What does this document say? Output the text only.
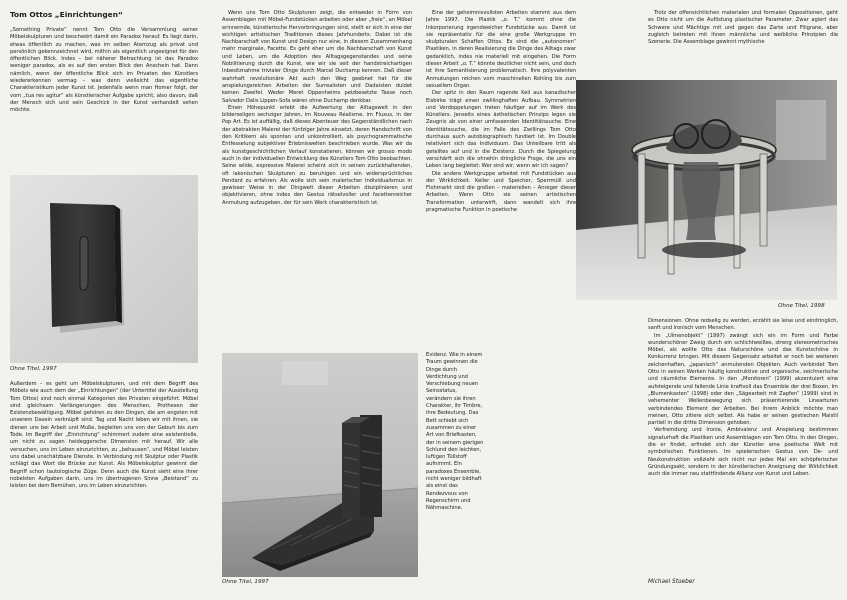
Tom Ottos „Einrichtungen“

„Something Private“ nennt Tom Otto die Versammlung seiner Möbelskulpturen und beschwört damit ein Paradox herauf. Es liegt darin, etwas öffentlich zu machen, was im selben Atemzug als privat und persönlich gekennzeichnet wird, mithin als eigentlich ungeeignet für den öffentlichen Blick. Indes – bei näherer Betrachtung ist das Paradox weniger paradox, als es auf den ersten Blick den Anschein hat. Dann nämlich, wenn der öffentliche Blick sich im Privaten des Künstlers wiedererkennen vermag – was denn vielleicht das eigentliche Charakteristikum jeder Kunst ist. Jedenfalls wenn man Homer folgt, der vom „tua res agitur“ als künstlerischer Aufgabe spricht, also davon, daß der Mensch sich und sein Geschick in der Kunst verhandelt sehen möchte.

Ohne Titel, 1997

Außerdem – es geht um Möbelskulpturen, und mit dem Begriff des Möbels wie auch dem der „Einrichtungen“ (der Untertitel der Ausstellung Tom Ottos) sind noch einmal Kategorien des Privaten eingeführt. Möbel sind gleichsam Verlängerungen des Menschen, Prothesen der Existenzbewältigung. Möbel gehören zu den Dingen, die am engsten mit unserem Dasein verknüpft sind. Tag und Nacht leben wir mit ihnen, sie dienen uns bei Arbeit und Muße, begleiten uns von der Geburt bis zum Tode. Im Begriff der „Einrichtung“ schimmert zudem eine existentielle, um nicht zu sagen heideggersche Dimension mit herauf. Wir alle versuchen, uns im Leben einzurichten, zu „behausen“, und Möbel leisten uns dabei unschätzbare Dienste. In Verbindung mit Skulptur oder Plastik schlägt das Wort die Brücke zur Kunst. Als Möbelskulptur gewinnt der Begriff schon tautologische Züge. Denn auch die Kunst sieht eine ihrer nobelsten Aufgaben darin, uns im übertragenen Sinne „Beistand“ zu leisten bei dem Bemühen, uns im Leben einzurichten.

Wenn uns Tom Otto Skulpturen zeigt, die entweder in Form von Assemblagen mit Möbel-Fundstücken arbeiten oder aber „freie“, an Möbel erinnernde, künstlerische Hervorbringungen sind, stellt er sich in eine der wichtigen artistischen Traditionen dieses Jahrhunderts. Dabei ist die Nachbarschaft von Kunst und Design nur eine, in diesem Zusammenhang mehr marginale, Facette. Es geht eher um die Nachbarschaft von Kunst und Leben, um die Adoption des Alltagsgegenstandes und seine Nobilitierung durch die Kunst, wie wir sie seit der handstreichartigen Inbesitznahme trivialer Dinge durch Marcel Duchamp kennen. Daß dieser wahrhaft revolutionäre Akt auch den Weg geebnet hat für die anspielungsreichen Arbeiten der Surrealisten und Dadaisten duldet keinen Zweifel. Weder Meret Oppenheims pelzbesetzte Tasse noch Salvador Dalis Lippen-Sofa wären ohne Duchamp denkbar.

Einen Höhepunkt erlebt die Aufwertung der Alltagswelt in den bilderseligen sechziger Jahren, im Nouveau Réalisme, im Fluxus, in der Pop Art. Es ist auffällig, daß dieses Abenteuer des Gegenständlichen nach der abstrakten Malerei der fünfziger Jahre einsetzt, deren Handschrift von den Kritikern als spontan und unkontrolliert, als psychogrammatische Entfesselung subjektiver Erlebniswelten beschrieben wurde. Was wir da als kunstgeschichtlichen Verlauf konstatieren, können wir grosso modo auch in der individuellen Entwicklung des Künstlers Tom Otto beobachten. Seine wilde, expressive Malerei scheint sich in seinen zurückhaltenden, oft lakonischen Skulpturen zu beruhigen und ein widersprüchliches Pendant zu erfahren. Als wolle sich sein malerischer Individualismus in gewisser Weise in der Dingwelt dieser Arbeiten disziplinieren und objektivieren, ohne indes den Gestus rätselvoller und facettenreicher Anmutung aufzugeben, der für sein Werk charakteristisch ist.

Ohne Titel, 1997

Eine der geheimnisvollsten Arbeiten stammt aus dem Jahre 1997. Die Plastik „o. T.“ kommt ohne die Inkorporierung irgendwelcher Fundstücke aus. Damit ist sie repräsentativ für die eine große Werkgruppe im skulpturalen Schaffen Ottos. Es sind die „autonomen“ Plastiken, in deren Realisierung die Dinge des Alltags zwar gedanklich, indes nie materiell mit eingehen. Die Form dieser Arbeit „o. T.“ könnte deutlicher nicht sein, und doch ist ihre Semantisierung problematisch. Ihre polyvalenten Anmutungen reichen vom maschinellen Rohling bis zum sexuellem Organ.

Der spitz in den Raum ragende Keil aus kanadischer Eisbirke trägt einen zwillinghaften Aufbau. Symmetrien und Verdoppelungen treten häufiger auf im Werk des Künstlers. Jenseits eines ästhetischen Prinzips legen sie Zeugnis ab von einer umfassenden Identitätssuche. Eine Identitätssuche, die im Falle des Zwillings Tom Otto durchaus auch autobiographisch fundiert ist. Im Double relativiert sich das Individuum. Das Unteilbare tritt als geteiltes auf und in die Existenz. Durch die Spiegelung verschärft sich die ohnehin dringliche Frage, die uns ein Leben lang begleitet: Wer sind wir, wenn wir ich sagen?

Die andere Werkgruppe arbeitet mit Fundstücken aus der Wirklichkeit. Keller und Speicher, Sperrmüll und Flohmarkt sind die großen – materiellen – Anreger dieser Arbeiten. Wenn Otto sie seinen artistischen Transformation unterwirft, dann wandelt sich ihre pragmatische Funktion in poetische

Evidenz. Wie in einem Traum gewinnen die Dinge durch Verdichtung und Verschiebung neuen Seinsstatus, verändern sie ihren Charakter, ihr Timbre, ihre Bedeutung. Das Bett schiebt sich zusammen zu einer Art von Briefkasten, der in seinem gierigen Schlund den leichten, luftigen Tüllstoff aufnimmt. Ein paradoxes Ensemble, nicht weniger bildhaft als einst das Rendezvous von Regenschirm und Nähmaschine.

Ohne Titel, 1998

Trotz der offensichtlichen materialen und formalen Oppositionen, geht es Otto nicht um die Auflistung plastischer Parameter. Zwar agiert das Schwere und Mächtige mit und gegen das Zarte und Filigrane, aber zugleich betreten mit ihnen männliche und weibliche Prinzipien die Szenerie. Die Assemblage gewinnt mythische

Dimensionen. Ohne redselig zu werden, erzählt sie leise und eindringlich, sanft und ironisch vom Menschen.

Im „Ulmenobjekt“ (1997) zwängt sich ein im Form und Farbe wunderschöner Zweig durch ein schlichtweißes, streng stereometrisches Möbel, als wollte Otto das Naturschöne und das Kunstschöne in Konkurrenz bringen. Mit diesem Gegensatz arbeitet er noch bei weiteren zeichenhaften, „japanisch“ anmutenden Objekten. Auch verbindet Tom Otto in seinen Werken häufig konstruktive und organische, zeichnerische und räumliche Elemente. In den „Monitoren“ (1999) akzentuiert eine aufsteigende und fallende Linie kraftvoll das Ensemble der drei Boxen. Im „Blumenkasten“ (1998) oder den „Sägearbeit mit Zapfen“ (1999) sind in vehementer Wellenbewegung sich präsentierende Linearturen verbindendes Element der Arbeiten. Bei ihrem Anblick möchte man meinen, Otto zitiere sich selbst. Als habe er seinen gestischen Malstil partiell in die dritte Dimension gehoben.

Verfremdung und Ironie, Ambivalenz und Anspielung bestimmen signaturhaft die Plastiken und Assemblagen von Tom Otto. In den Dingen, die er findet, erfindet sich der Künstler eine poetische Welt mit symbolischen Funktionen. Im spielerischen Gestus von De- und Neukonstruktion vollzieht sich nicht nur jedes Mal ein schöpferischer Gründungsakt, sondern in der künstlerischen Aneignung der Wirklichkeit auch die immer neu stattfindende Allianz von Kunst und Leben.

Michael Stoeber
